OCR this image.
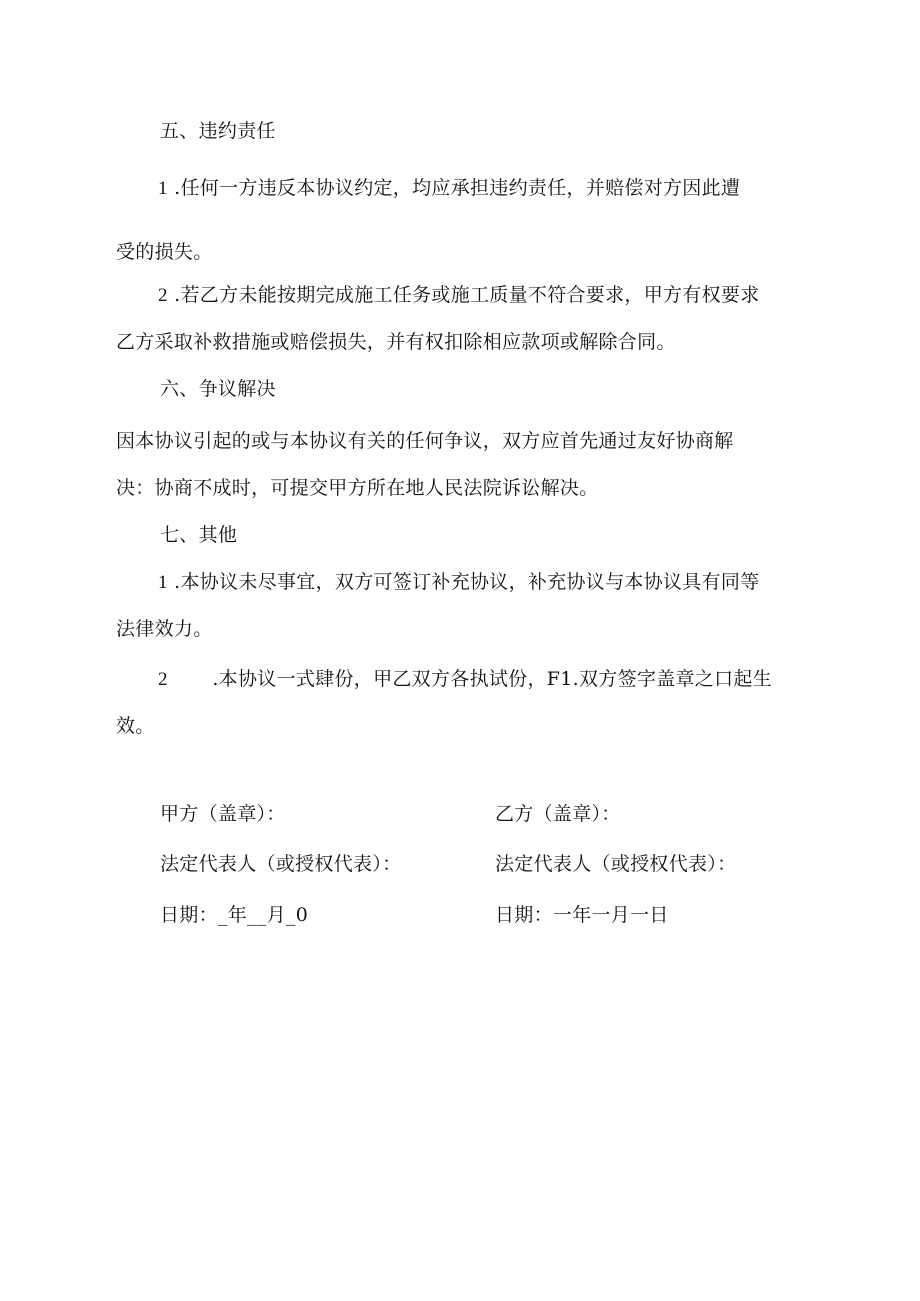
五、违约责任
1 .任何一方违反本协议约定，均应承担违约责任，并赔偿对方因此遭
受的损失。
2 .若乙方未能按期完成施工任务或施工质量不符合要求，甲方有权要求
乙方采取补救措施或赔偿损失，并有权扣除相应款项或解除合同。
六、争议解决
因本协议引起的或与本协议有关的任何争议，双方应首先通过友好协商解
决：协商不成时，可提交甲方所在地人民法院诉讼解决。
七、其他
1 .本协议未尽事宜，双方可签订补充协议，补充协议与本协议具有同等
法律效力。
2 .本协议一式肆份，甲乙双方各执试份，F1.双方签字盖章之口起生
效。
甲方（盖章）：	乙方（盖章）：
法定代表人（或授权代表）：	法定代表人（或授权代表）：
日期：_年__月_0	日期：一年一月一日
